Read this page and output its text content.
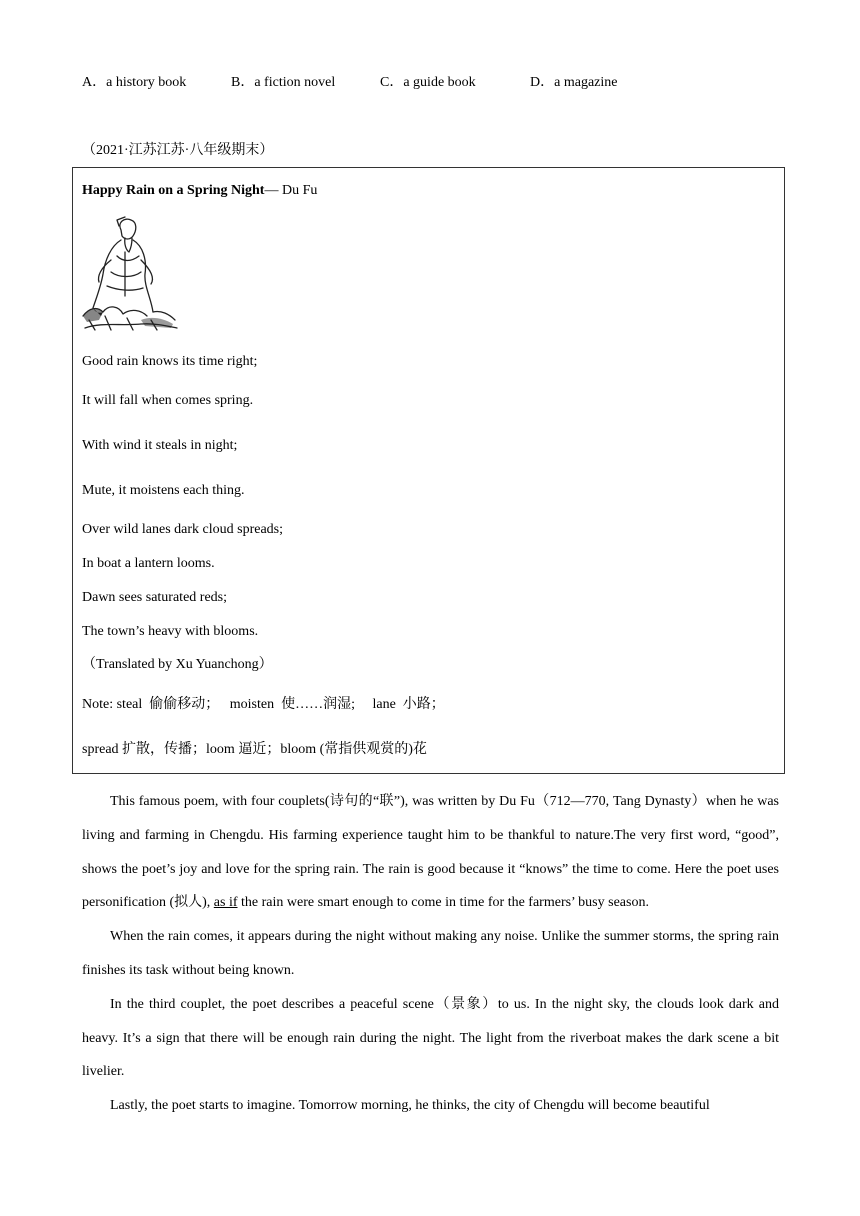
A．a history book	B．a fiction novel	C．a guide book	D．a magazine
（2021·江苏江苏·八年级期末）
Happy Rain on a Spring Night— Du Fu
Good rain knows its time right;
It will fall when comes spring.
With wind it steals in night;
Mute, it moistens each thing.
Over wild lanes dark cloud spreads;
In boat a lantern looms.
Dawn sees saturated reds;
The town’s heavy with blooms.
（Translated by Xu Yuanchong）
Note: steal  偷偷移动；   moisten  使……润湿;     lane  小路；
spread 扩散，传播；loom 逼近；bloom (常指供观赏的)花

This famous poem, with four couplets(诗句的“联”), was written by Du Fu（712—770, Tang Dynasty）when he was living and farming in Chengdu. His farming experience taught him to be thankful to nature.The very first word, “good”, shows the poet’s joy and love for the spring rain. The rain is good because it “knows” the time to come. Here the poet uses personification (拟人), as if the rain were smart enough to come in time for the farmers’ busy season.

When the rain comes, it appears during the night without making any noise. Unlike the summer storms, the spring rain finishes its task without being known.

In the third couplet, the poet describes a peaceful scene（景象）to us. In the night sky, the clouds look dark and heavy. It’s a sign that there will be enough rain during the night. The light from the riverboat makes the dark scene a bit livelier.

Lastly, the poet starts to imagine. Tomorrow morning, he thinks, the city of Chengdu will become beautiful
